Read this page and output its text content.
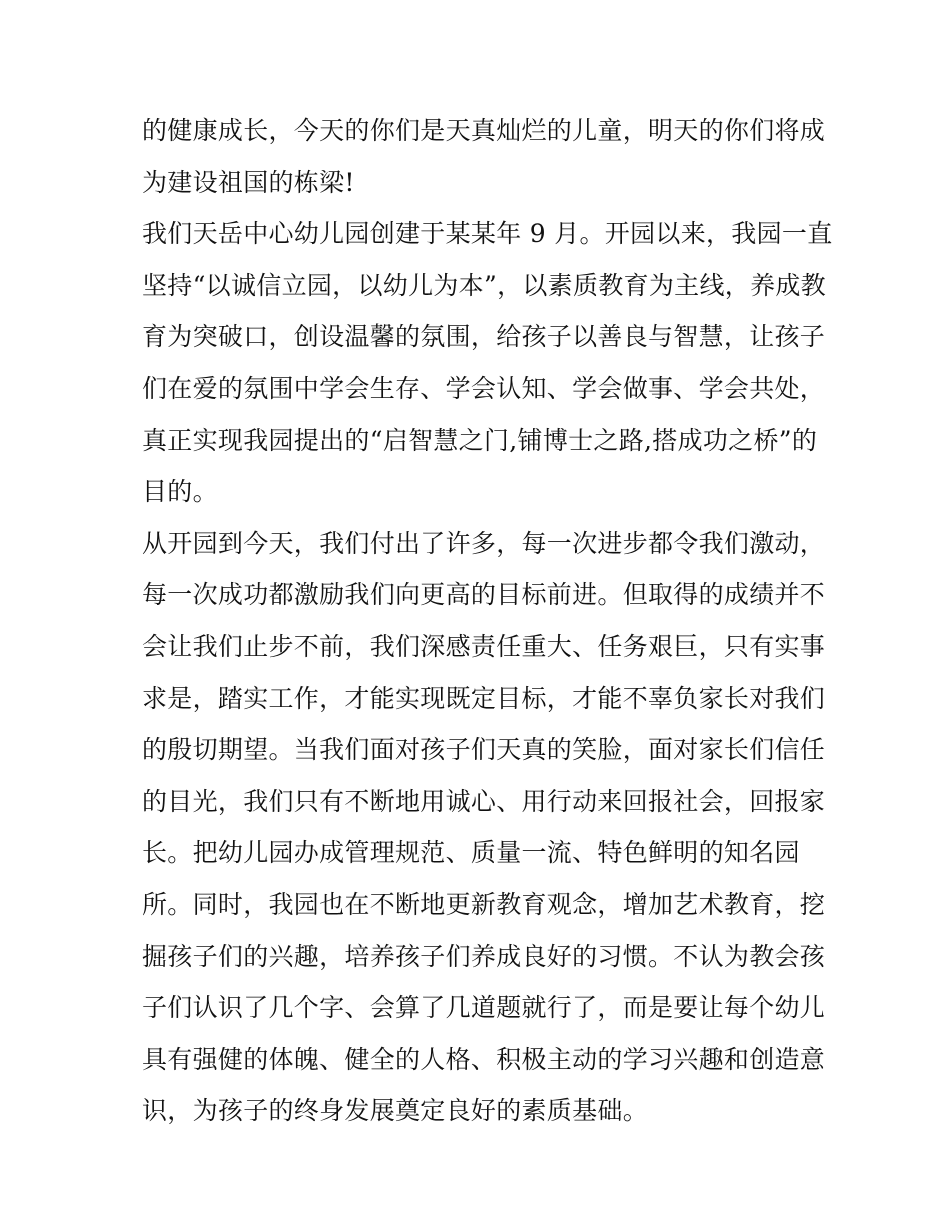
的健康成长，今天的你们是天真灿烂的儿童，明天的你们将成
为建设祖国的栋梁!
我们天岳中心幼儿园创建于某某年 9 月。开园以来，我园一直
坚持“以诚信立园，以幼儿为本”，以素质教育为主线，养成教
育为突破口，创设温馨的氛围，给孩子以善良与智慧，让孩子
们在爱的氛围中学会生存、学会认知、学会做事、学会共处，
真正实现我园提出的“启智慧之门,铺博士之路,搭成功之桥”的
目的。
从开园到今天，我们付出了许多，每一次进步都令我们激动，
每一次成功都激励我们向更高的目标前进。但取得的成绩并不
会让我们止步不前，我们深感责任重大、任务艰巨，只有实事
求是，踏实工作，才能实现既定目标，才能不辜负家长对我们
的殷切期望。当我们面对孩子们天真的笑脸，面对家长们信任
的目光，我们只有不断地用诚心、用行动来回报社会，回报家
长。把幼儿园办成管理规范、质量一流、特色鲜明的知名园
所。同时，我园也在不断地更新教育观念，增加艺术教育，挖
掘孩子们的兴趣，培养孩子们养成良好的习惯。不认为教会孩
子们认识了几个字、会算了几道题就行了，而是要让每个幼儿
具有强健的体魄、健全的人格、积极主动的学习兴趣和创造意
识，为孩子的终身发展奠定良好的素质基础。
